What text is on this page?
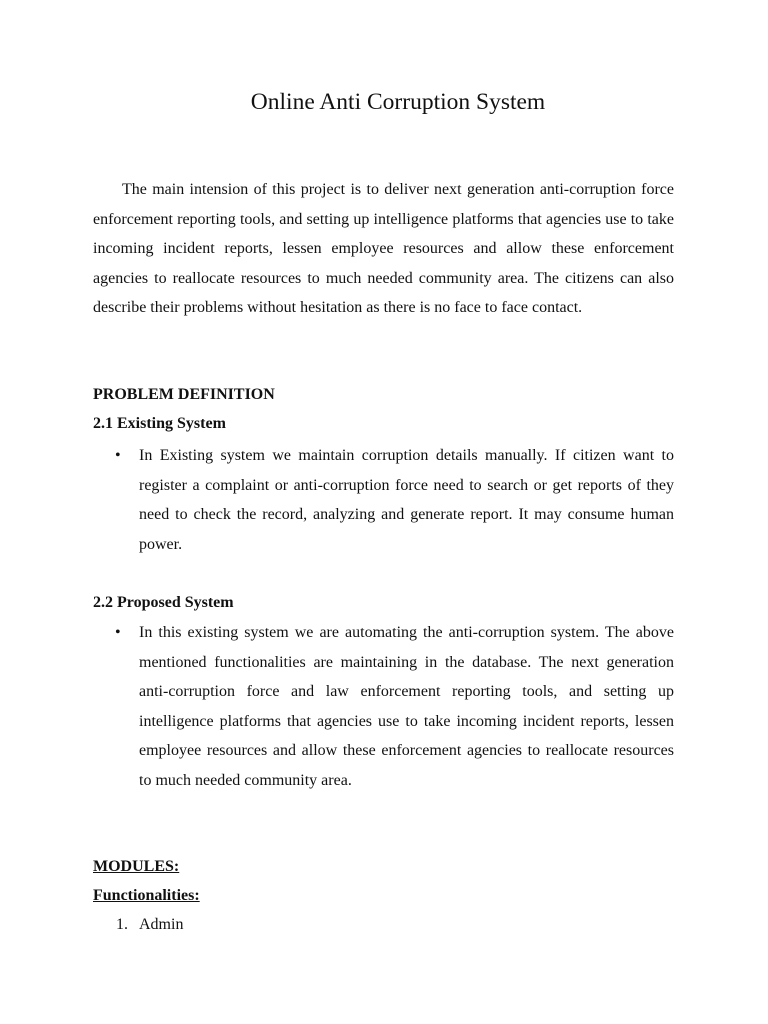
Online Anti Corruption System

The main intension of this project is to deliver next generation anti-corruption force enforcement reporting tools, and setting up intelligence platforms that agencies use to take incoming incident reports, lessen employee resources and allow these enforcement agencies to reallocate resources to much needed community area. The citizens can also describe their problems without hesitation as there is no face to face contact.

PROBLEM DEFINITION
2.1 Existing System
• In Existing system we maintain corruption details manually. If citizen want to register a complaint or anti-corruption force need to search or get reports of they need to check the record, analyzing and generate report. It may consume human power.

2.2 Proposed System
• In this existing system we are automating the anti-corruption system. The above mentioned functionalities are maintaining in the database. The next generation anti-corruption force and law enforcement reporting tools, and setting up intelligence platforms that agencies use to take incoming incident reports, lessen employee resources and allow these enforcement agencies to reallocate resources to much needed community area.

MODULES:
Functionalities:
1. Admin
